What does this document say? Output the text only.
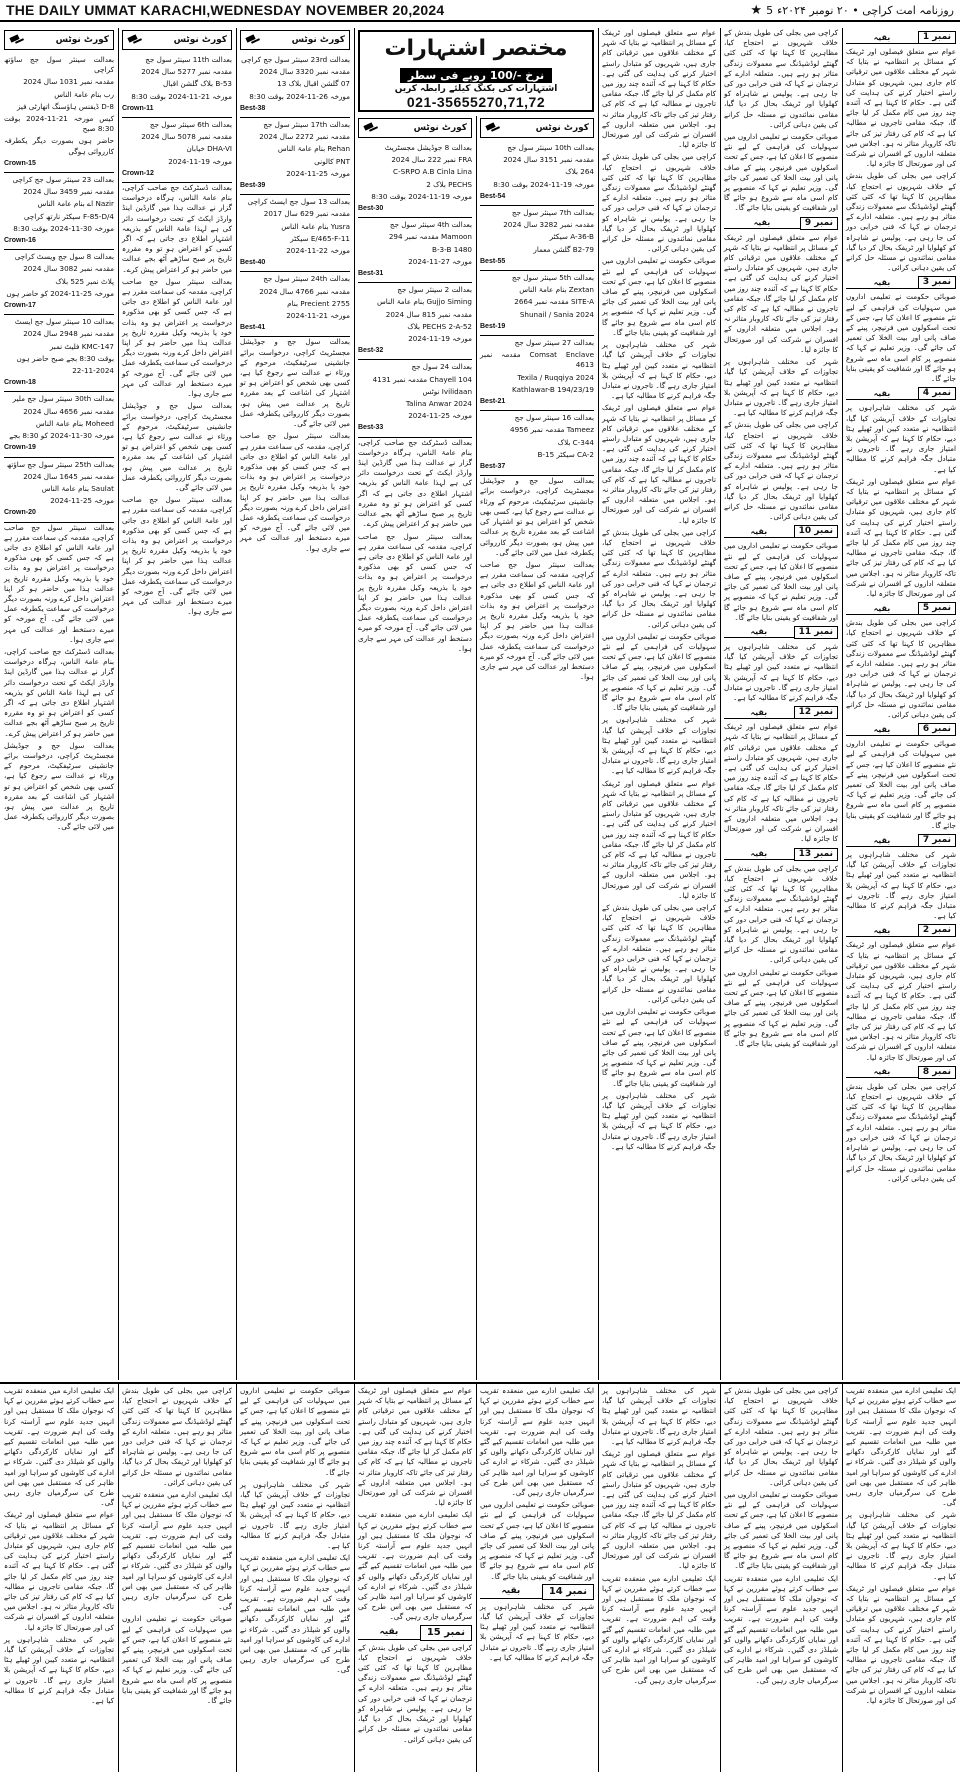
THE DAILY UMMAT KARACHI,WEDNESDAY NOVEMBER 20,2024	روزنامہ امت کراچی • ۲۰ نومبر ۲۰۲۴ء
5
★
کورٹ نوٹس

بعدالت سینئر سول جج ساؤتھ کراچی

مقدمہ نمبر 1031 سال 2024

رب بنام عامۃ الناس

D-8 ڈیفنس ہاؤسنگ اتھارٹی فیز

کیس مورخہ 21-11-2024 بوقت 8:30 صبح

حاضر ہوں بصورت دیگر یکطرفہ کارروائی ہوگی

Crown-15

بعدالت 23 سینئر سول جج کراچی

مقدمہ نمبر 3459 سال 2024

Nazir اے بنام عامۃ الناس

4/F-85-D سیکٹر نارتھ کراچی

مورخہ 30-11-2024 بوقت 8:30

Crown-16

بعدالت 8 سول جج ویسٹ کراچی

مقدمہ نمبر 3082 سال 2024

پلاٹ نمبر 525 بلاک

مورخہ 25-11-2024 کو حاضر ہوں

Crown-17

بعدالت 10 سینئر سول جج ایسٹ

مقدمہ نمبر 2948 سال 2024

KMC-147 فلیٹ نمبر

بوقت 8:30 بجے صبح حاضر ہوں

22-11-2024

Crown-18

بعدالت 30th سینئر سول جج ملیر

مقدمہ نمبر 4656 سال 2024

Moheed بنام عامۃ الناس

مورخہ 30-11-2024 کو 8:30 بجے

Crown-19

بعدالت 25th سینئر سول جج ساؤتھ

مقدمہ نمبر 1645 سال 2024

Saulat بنام عامۃ الناس

مورخہ 25-11-2024

Crown-20

بعدالت سینئر سول جج صاحب کراچی، مقدمہ کی سماعت مقرر ہے اور عامۃ الناس کو اطلاع دی جاتی ہے کہ جس کسی کو بھی مذکورہ درخواست پر اعتراض ہو وہ بذات خود یا بذریعہ وکیل مقررہ تاریخ پر عدالت ہذا میں حاضر ہو کر اپنا اعتراض داخل کرے ورنہ بصورت دیگر درخواست کی سماعت یکطرفہ عمل میں لائی جائے گی۔ آج مورخہ کو میرے دستخط اور عدالت کی مہر سے جاری ہوا۔

بعدالت ڈسٹرکٹ جج صاحب کراچی، بنام عامۃ الناس، ہرگاہ درخواست گزار نے عدالت ہذا میں گارڈین اینڈ وارڈز ایکٹ کے تحت درخواست دائر کی ہے لہذا عامۃ الناس کو بذریعہ اشتہار اطلاع دی جاتی ہے کہ اگر کسی کو اعتراض ہو تو وہ مقررہ تاریخ پر صبح ساڑھے آٹھ بجے عدالت میں حاضر ہو کر اعتراض پیش کرے۔

بعدالت سول جج و جوڈیشل مجسٹریٹ کراچی، درخواست برائے جانشینی سرٹیفکیٹ، مرحوم کے ورثاء نے عدالت سے رجوع کیا ہے، کسی بھی شخص کو اعتراض ہو تو اشتہار کی اشاعت کے بعد مقررہ تاریخ پر عدالت میں پیش ہو، بصورت دیگر کارروائی یکطرفہ عمل میں لائی جائے گی۔

کورٹ نوٹس

بعدالت 11th سینئر سول جج

مقدمہ نمبر 5277 سال 2024

B-53 بلاک گلشن اقبال

مورخہ 21-11-2024 بوقت 8:30

Crown-11

بعدالت 6th سینئر سول جج

مقدمہ نمبر 5078 سال 2024

DHA-VI خیابان

مورخہ 19-11-2024

Crown-12

بعدالت ڈسٹرکٹ جج صاحب کراچی، بنام عامۃ الناس، ہرگاہ درخواست گزار نے عدالت ہذا میں گارڈین اینڈ وارڈز ایکٹ کے تحت درخواست دائر کی ہے لہذا عامۃ الناس کو بذریعہ اشتہار اطلاع دی جاتی ہے کہ اگر کسی کو اعتراض ہو تو وہ مقررہ تاریخ پر صبح ساڑھے آٹھ بجے عدالت میں حاضر ہو کر اعتراض پیش کرے۔

بعدالت سینئر سول جج صاحب کراچی، مقدمہ کی سماعت مقرر ہے اور عامۃ الناس کو اطلاع دی جاتی ہے کہ جس کسی کو بھی مذکورہ درخواست پر اعتراض ہو وہ بذات خود یا بذریعہ وکیل مقررہ تاریخ پر عدالت ہذا میں حاضر ہو کر اپنا اعتراض داخل کرے ورنہ بصورت دیگر درخواست کی سماعت یکطرفہ عمل میں لائی جائے گی۔ آج مورخہ کو میرے دستخط اور عدالت کی مہر سے جاری ہوا۔

بعدالت سول جج و جوڈیشل مجسٹریٹ کراچی، درخواست برائے جانشینی سرٹیفکیٹ، مرحوم کے ورثاء نے عدالت سے رجوع کیا ہے، کسی بھی شخص کو اعتراض ہو تو اشتہار کی اشاعت کے بعد مقررہ تاریخ پر عدالت میں پیش ہو، بصورت دیگر کارروائی یکطرفہ عمل میں لائی جائے گی۔

بعدالت سینئر سول جج صاحب کراچی، مقدمہ کی سماعت مقرر ہے اور عامۃ الناس کو اطلاع دی جاتی ہے کہ جس کسی کو بھی مذکورہ درخواست پر اعتراض ہو وہ بذات خود یا بذریعہ وکیل مقررہ تاریخ پر عدالت ہذا میں حاضر ہو کر اپنا اعتراض داخل کرے ورنہ بصورت دیگر درخواست کی سماعت یکطرفہ عمل میں لائی جائے گی۔ آج مورخہ کو میرے دستخط اور عدالت کی مہر سے جاری ہوا۔

کورٹ نوٹس

بعدالت 23rd سینئر سول جج کراچی

مقدمہ نمبر 3320 سال 2024

07 گلشن اقبال بلاک 13

مورخہ 26-11-2024 بوقت 8:30

Best-38

بعدالت 17th سینئر سول جج

مقدمہ نمبر 2272 سال 2024

Rehan بنام عامۃ الناس

PNT کالونی

مورخہ 25-11-2024

Best-39

بعدالت 13 سول جج ایسٹ کراچی

مقدمہ نمبر 629 سال 2017

Yusra بنام عامۃ الناس

E/465-F-11 سیکٹر

مورخہ 22-11-2024

Best-40

بعدالت 24th سینئر سول جج

مقدمہ نمبر 4766 سال 2024

Precient 2755 بنام

مورخہ 21-11-2024

Best-41

بعدالت سول جج و جوڈیشل مجسٹریٹ کراچی، درخواست برائے جانشینی سرٹیفکیٹ، مرحوم کے ورثاء نے عدالت سے رجوع کیا ہے، کسی بھی شخص کو اعتراض ہو تو اشتہار کی اشاعت کے بعد مقررہ تاریخ پر عدالت میں پیش ہو، بصورت دیگر کارروائی یکطرفہ عمل میں لائی جائے گی۔

بعدالت سینئر سول جج صاحب کراچی، مقدمہ کی سماعت مقرر ہے اور عامۃ الناس کو اطلاع دی جاتی ہے کہ جس کسی کو بھی مذکورہ درخواست پر اعتراض ہو وہ بذات خود یا بذریعہ وکیل مقررہ تاریخ پر عدالت ہذا میں حاضر ہو کر اپنا اعتراض داخل کرے ورنہ بصورت دیگر درخواست کی سماعت یکطرفہ عمل میں لائی جائے گی۔ آج مورخہ کو میرے دستخط اور عدالت کی مہر سے جاری ہوا۔

مختصر اشتہارات
نرخ -/100 روپے فی سطر
اشتہارات کی بکنگ کیلئے رابطہ کریں
021-35655270,71,72
کورٹ نوٹس

بعدالت 8 جوڈیشل مجسٹریٹ

FRA نمبر 222 سال 2024

C-SRPO A.B Cinla Lina

PECHS بلاک 2

مورخہ 19-11-2024 بوقت 8:30

Best-30

بعدالت 4th سینئر سول جج

Mamoon مقدمہ نمبر 294

1480 B-3-B

مورخہ 27-11-2024

Best-31

بعدالت 2 سینئر سول جج

Gujjo Siming بنام عامۃ الناس

مقدمہ نمبر 815 سال 2024

PECHS 2-A-52 بلاک

مورخہ 19-11-2024

Best-32

بعدالت 24 سول جج

Chayell 104 مقدمہ نمبر 4131

Ivilidaan نوٹس

Talina Anwar 2024

مورخہ 25-11-2024

Best-33

بعدالت ڈسٹرکٹ جج صاحب کراچی، بنام عامۃ الناس، ہرگاہ درخواست گزار نے عدالت ہذا میں گارڈین اینڈ وارڈز ایکٹ کے تحت درخواست دائر کی ہے لہذا عامۃ الناس کو بذریعہ اشتہار اطلاع دی جاتی ہے کہ اگر کسی کو اعتراض ہو تو وہ مقررہ تاریخ پر صبح ساڑھے آٹھ بجے عدالت میں حاضر ہو کر اعتراض پیش کرے۔

بعدالت سینئر سول جج صاحب کراچی، مقدمہ کی سماعت مقرر ہے اور عامۃ الناس کو اطلاع دی جاتی ہے کہ جس کسی کو بھی مذکورہ درخواست پر اعتراض ہو وہ بذات خود یا بذریعہ وکیل مقررہ تاریخ پر عدالت ہذا میں حاضر ہو کر اپنا اعتراض داخل کرے ورنہ بصورت دیگر درخواست کی سماعت یکطرفہ عمل میں لائی جائے گی۔ آج مورخہ کو میرے دستخط اور عدالت کی مہر سے جاری ہوا۔

کورٹ نوٹس

بعدالت 10th سینئر سول جج

مقدمہ نمبر 3151 سال 2024

264 بلاک

مورخہ 19-11-2024 بوقت 8:30

Best-54

بعدالت 7th سینئر سول جج

مقدمہ نمبر 3282 سال 2024

A-36-B سیکٹر

B2-79 گلشن معمار

Best-55

بعدالت 5th سینئر سول جج

Zextan بنام عامۃ الناس

SITE-A مقدمہ نمبر 2664

Shunail / Sania 2024

Best-19

بعدالت 27 سینئر سول جج

Comsat Enclave مقدمہ نمبر 4613

Texila / Ruqqiya 2024

Kathlawar-B 194/23/19

Best-21

بعدالت 16 سینئر سول جج

Tameez مقدمہ نمبر 4956

C-344 بلاک

CA-2 سیکٹر 15-B

Best-37

بعدالت سول جج و جوڈیشل مجسٹریٹ کراچی، درخواست برائے جانشینی سرٹیفکیٹ، مرحوم کے ورثاء نے عدالت سے رجوع کیا ہے، کسی بھی شخص کو اعتراض ہو تو اشتہار کی اشاعت کے بعد مقررہ تاریخ پر عدالت میں پیش ہو، بصورت دیگر کارروائی یکطرفہ عمل میں لائی جائے گی۔

بعدالت سینئر سول جج صاحب کراچی، مقدمہ کی سماعت مقرر ہے اور عامۃ الناس کو اطلاع دی جاتی ہے کہ جس کسی کو بھی مذکورہ درخواست پر اعتراض ہو وہ بذات خود یا بذریعہ وکیل مقررہ تاریخ پر عدالت ہذا میں حاضر ہو کر اپنا اعتراض داخل کرے ورنہ بصورت دیگر درخواست کی سماعت یکطرفہ عمل میں لائی جائے گی۔ آج مورخہ کو میرے دستخط اور عدالت کی مہر سے جاری ہوا۔

عوام سے متعلق فیصلوں اور ٹریفک کے مسائل پر انتظامیہ نے بتایا کہ شہر کے مختلف علاقوں میں ترقیاتی کام جاری ہیں، شہریوں کو متبادل راستے اختیار کرنے کی ہدایت کی گئی ہے۔ حکام کا کہنا ہے کہ آئندہ چند روز میں کام مکمل کر لیا جائے گا، جبکہ مقامی تاجروں نے مطالبہ کیا ہے کہ کام کی رفتار تیز کی جائے تاکہ کاروبار متاثر نہ ہو۔ اجلاس میں متعلقہ اداروں کے افسران نے شرکت کی اور صورتحال کا جائزہ لیا۔

کراچی میں بجلی کی طویل بندش کے خلاف شہریوں نے احتجاج کیا، مظاہرین کا کہنا تھا کہ کئی کئی گھنٹے لوڈشیڈنگ سے معمولات زندگی متاثر ہو رہے ہیں۔ متعلقہ ادارے کے ترجمان نے کہا کہ فنی خرابی دور کی جا رہی ہے۔ پولیس نے شاہراہ کو کھلوایا اور ٹریفک بحال کر دیا گیا، مقامی نمائندوں نے مسئلہ حل کرانے کی یقین دہانی کرائی۔

صوبائی حکومت نے تعلیمی اداروں میں سہولیات کی فراہمی کے لیے نئے منصوبے کا اعلان کیا ہے، جس کے تحت اسکولوں میں فرنیچر، پینے کے صاف پانی اور بیت الخلا کی تعمیر کی جائے گی۔ وزیر تعلیم نے کہا کہ منصوبے پر کام اسی ماہ سے شروع ہو جائے گا اور شفافیت کو یقینی بنایا جائے گا۔

شہر کی مختلف شاہراہوں پر تجاوزات کے خلاف آپریشن کیا گیا، انتظامیہ نے متعدد کیبن اور ٹھیلے ہٹا دیے، حکام کا کہنا ہے کہ آپریشن بلا امتیاز جاری رہے گا۔ تاجروں نے متبادل جگہ فراہم کرنے کا مطالبہ کیا ہے۔

عوام سے متعلق فیصلوں اور ٹریفک کے مسائل پر انتظامیہ نے بتایا کہ شہر کے مختلف علاقوں میں ترقیاتی کام جاری ہیں، شہریوں کو متبادل راستے اختیار کرنے کی ہدایت کی گئی ہے۔ حکام کا کہنا ہے کہ آئندہ چند روز میں کام مکمل کر لیا جائے گا، جبکہ مقامی تاجروں نے مطالبہ کیا ہے کہ کام کی رفتار تیز کی جائے تاکہ کاروبار متاثر نہ ہو۔ اجلاس میں متعلقہ اداروں کے افسران نے شرکت کی اور صورتحال کا جائزہ لیا۔

کراچی میں بجلی کی طویل بندش کے خلاف شہریوں نے احتجاج کیا، مظاہرین کا کہنا تھا کہ کئی کئی گھنٹے لوڈشیڈنگ سے معمولات زندگی متاثر ہو رہے ہیں۔ متعلقہ ادارے کے ترجمان نے کہا کہ فنی خرابی دور کی جا رہی ہے۔ پولیس نے شاہراہ کو کھلوایا اور ٹریفک بحال کر دیا گیا، مقامی نمائندوں نے مسئلہ حل کرانے کی یقین دہانی کرائی۔

صوبائی حکومت نے تعلیمی اداروں میں سہولیات کی فراہمی کے لیے نئے منصوبے کا اعلان کیا ہے، جس کے تحت اسکولوں میں فرنیچر، پینے کے صاف پانی اور بیت الخلا کی تعمیر کی جائے گی۔ وزیر تعلیم نے کہا کہ منصوبے پر کام اسی ماہ سے شروع ہو جائے گا اور شفافیت کو یقینی بنایا جائے گا۔

شہر کی مختلف شاہراہوں پر تجاوزات کے خلاف آپریشن کیا گیا، انتظامیہ نے متعدد کیبن اور ٹھیلے ہٹا دیے، حکام کا کہنا ہے کہ آپریشن بلا امتیاز جاری رہے گا۔ تاجروں نے متبادل جگہ فراہم کرنے کا مطالبہ کیا ہے۔

عوام سے متعلق فیصلوں اور ٹریفک کے مسائل پر انتظامیہ نے بتایا کہ شہر کے مختلف علاقوں میں ترقیاتی کام جاری ہیں، شہریوں کو متبادل راستے اختیار کرنے کی ہدایت کی گئی ہے۔ حکام کا کہنا ہے کہ آئندہ چند روز میں کام مکمل کر لیا جائے گا، جبکہ مقامی تاجروں نے مطالبہ کیا ہے کہ کام کی رفتار تیز کی جائے تاکہ کاروبار متاثر نہ ہو۔ اجلاس میں متعلقہ اداروں کے افسران نے شرکت کی اور صورتحال کا جائزہ لیا۔

کراچی میں بجلی کی طویل بندش کے خلاف شہریوں نے احتجاج کیا، مظاہرین کا کہنا تھا کہ کئی کئی گھنٹے لوڈشیڈنگ سے معمولات زندگی متاثر ہو رہے ہیں۔ متعلقہ ادارے کے ترجمان نے کہا کہ فنی خرابی دور کی جا رہی ہے۔ پولیس نے شاہراہ کو کھلوایا اور ٹریفک بحال کر دیا گیا، مقامی نمائندوں نے مسئلہ حل کرانے کی یقین دہانی کرائی۔

صوبائی حکومت نے تعلیمی اداروں میں سہولیات کی فراہمی کے لیے نئے منصوبے کا اعلان کیا ہے، جس کے تحت اسکولوں میں فرنیچر، پینے کے صاف پانی اور بیت الخلا کی تعمیر کی جائے گی۔ وزیر تعلیم نے کہا کہ منصوبے پر کام اسی ماہ سے شروع ہو جائے گا اور شفافیت کو یقینی بنایا جائے گا۔

شہر کی مختلف شاہراہوں پر تجاوزات کے خلاف آپریشن کیا گیا، انتظامیہ نے متعدد کیبن اور ٹھیلے ہٹا دیے، حکام کا کہنا ہے کہ آپریشن بلا امتیاز جاری رہے گا۔ تاجروں نے متبادل جگہ فراہم کرنے کا مطالبہ کیا ہے۔

کراچی میں بجلی کی طویل بندش کے خلاف شہریوں نے احتجاج کیا، مظاہرین کا کہنا تھا کہ کئی کئی گھنٹے لوڈشیڈنگ سے معمولات زندگی متاثر ہو رہے ہیں۔ متعلقہ ادارے کے ترجمان نے کہا کہ فنی خرابی دور کی جا رہی ہے۔ پولیس نے شاہراہ کو کھلوایا اور ٹریفک بحال کر دیا گیا، مقامی نمائندوں نے مسئلہ حل کرانے کی یقین دہانی کرائی۔

صوبائی حکومت نے تعلیمی اداروں میں سہولیات کی فراہمی کے لیے نئے منصوبے کا اعلان کیا ہے، جس کے تحت اسکولوں میں فرنیچر، پینے کے صاف پانی اور بیت الخلا کی تعمیر کی جائے گی۔ وزیر تعلیم نے کہا کہ منصوبے پر کام اسی ماہ سے شروع ہو جائے گا اور شفافیت کو یقینی بنایا جائے گا۔

نمبر 9
بقیہ

عوام سے متعلق فیصلوں اور ٹریفک کے مسائل پر انتظامیہ نے بتایا کہ شہر کے مختلف علاقوں میں ترقیاتی کام جاری ہیں، شہریوں کو متبادل راستے اختیار کرنے کی ہدایت کی گئی ہے۔ حکام کا کہنا ہے کہ آئندہ چند روز میں کام مکمل کر لیا جائے گا، جبکہ مقامی تاجروں نے مطالبہ کیا ہے کہ کام کی رفتار تیز کی جائے تاکہ کاروبار متاثر نہ ہو۔ اجلاس میں متعلقہ اداروں کے افسران نے شرکت کی اور صورتحال کا جائزہ لیا۔

شہر کی مختلف شاہراہوں پر تجاوزات کے خلاف آپریشن کیا گیا، انتظامیہ نے متعدد کیبن اور ٹھیلے ہٹا دیے، حکام کا کہنا ہے کہ آپریشن بلا امتیاز جاری رہے گا۔ تاجروں نے متبادل جگہ فراہم کرنے کا مطالبہ کیا ہے۔

کراچی میں بجلی کی طویل بندش کے خلاف شہریوں نے احتجاج کیا، مظاہرین کا کہنا تھا کہ کئی کئی گھنٹے لوڈشیڈنگ سے معمولات زندگی متاثر ہو رہے ہیں۔ متعلقہ ادارے کے ترجمان نے کہا کہ فنی خرابی دور کی جا رہی ہے۔ پولیس نے شاہراہ کو کھلوایا اور ٹریفک بحال کر دیا گیا، مقامی نمائندوں نے مسئلہ حل کرانے کی یقین دہانی کرائی۔

نمبر 10
بقیہ

صوبائی حکومت نے تعلیمی اداروں میں سہولیات کی فراہمی کے لیے نئے منصوبے کا اعلان کیا ہے، جس کے تحت اسکولوں میں فرنیچر، پینے کے صاف پانی اور بیت الخلا کی تعمیر کی جائے گی۔ وزیر تعلیم نے کہا کہ منصوبے پر کام اسی ماہ سے شروع ہو جائے گا اور شفافیت کو یقینی بنایا جائے گا۔

نمبر 11
بقیہ

شہر کی مختلف شاہراہوں پر تجاوزات کے خلاف آپریشن کیا گیا، انتظامیہ نے متعدد کیبن اور ٹھیلے ہٹا دیے، حکام کا کہنا ہے کہ آپریشن بلا امتیاز جاری رہے گا۔ تاجروں نے متبادل جگہ فراہم کرنے کا مطالبہ کیا ہے۔

نمبر 12
بقیہ

عوام سے متعلق فیصلوں اور ٹریفک کے مسائل پر انتظامیہ نے بتایا کہ شہر کے مختلف علاقوں میں ترقیاتی کام جاری ہیں، شہریوں کو متبادل راستے اختیار کرنے کی ہدایت کی گئی ہے۔ حکام کا کہنا ہے کہ آئندہ چند روز میں کام مکمل کر لیا جائے گا، جبکہ مقامی تاجروں نے مطالبہ کیا ہے کہ کام کی رفتار تیز کی جائے تاکہ کاروبار متاثر نہ ہو۔ اجلاس میں متعلقہ اداروں کے افسران نے شرکت کی اور صورتحال کا جائزہ لیا۔

نمبر 13
بقیہ

کراچی میں بجلی کی طویل بندش کے خلاف شہریوں نے احتجاج کیا، مظاہرین کا کہنا تھا کہ کئی کئی گھنٹے لوڈشیڈنگ سے معمولات زندگی متاثر ہو رہے ہیں۔ متعلقہ ادارے کے ترجمان نے کہا کہ فنی خرابی دور کی جا رہی ہے۔ پولیس نے شاہراہ کو کھلوایا اور ٹریفک بحال کر دیا گیا، مقامی نمائندوں نے مسئلہ حل کرانے کی یقین دہانی کرائی۔

صوبائی حکومت نے تعلیمی اداروں میں سہولیات کی فراہمی کے لیے نئے منصوبے کا اعلان کیا ہے، جس کے تحت اسکولوں میں فرنیچر، پینے کے صاف پانی اور بیت الخلا کی تعمیر کی جائے گی۔ وزیر تعلیم نے کہا کہ منصوبے پر کام اسی ماہ سے شروع ہو جائے گا اور شفافیت کو یقینی بنایا جائے گا۔

نمبر 1
بقیہ

عوام سے متعلق فیصلوں اور ٹریفک کے مسائل پر انتظامیہ نے بتایا کہ شہر کے مختلف علاقوں میں ترقیاتی کام جاری ہیں، شہریوں کو متبادل راستے اختیار کرنے کی ہدایت کی گئی ہے۔ حکام کا کہنا ہے کہ آئندہ چند روز میں کام مکمل کر لیا جائے گا، جبکہ مقامی تاجروں نے مطالبہ کیا ہے کہ کام کی رفتار تیز کی جائے تاکہ کاروبار متاثر نہ ہو۔ اجلاس میں متعلقہ اداروں کے افسران نے شرکت کی اور صورتحال کا جائزہ لیا۔

کراچی میں بجلی کی طویل بندش کے خلاف شہریوں نے احتجاج کیا، مظاہرین کا کہنا تھا کہ کئی کئی گھنٹے لوڈشیڈنگ سے معمولات زندگی متاثر ہو رہے ہیں۔ متعلقہ ادارے کے ترجمان نے کہا کہ فنی خرابی دور کی جا رہی ہے۔ پولیس نے شاہراہ کو کھلوایا اور ٹریفک بحال کر دیا گیا، مقامی نمائندوں نے مسئلہ حل کرانے کی یقین دہانی کرائی۔

نمبر 3
بقیہ

صوبائی حکومت نے تعلیمی اداروں میں سہولیات کی فراہمی کے لیے نئے منصوبے کا اعلان کیا ہے، جس کے تحت اسکولوں میں فرنیچر، پینے کے صاف پانی اور بیت الخلا کی تعمیر کی جائے گی۔ وزیر تعلیم نے کہا کہ منصوبے پر کام اسی ماہ سے شروع ہو جائے گا اور شفافیت کو یقینی بنایا جائے گا۔

نمبر 4
بقیہ

شہر کی مختلف شاہراہوں پر تجاوزات کے خلاف آپریشن کیا گیا، انتظامیہ نے متعدد کیبن اور ٹھیلے ہٹا دیے، حکام کا کہنا ہے کہ آپریشن بلا امتیاز جاری رہے گا۔ تاجروں نے متبادل جگہ فراہم کرنے کا مطالبہ کیا ہے۔

عوام سے متعلق فیصلوں اور ٹریفک کے مسائل پر انتظامیہ نے بتایا کہ شہر کے مختلف علاقوں میں ترقیاتی کام جاری ہیں، شہریوں کو متبادل راستے اختیار کرنے کی ہدایت کی گئی ہے۔ حکام کا کہنا ہے کہ آئندہ چند روز میں کام مکمل کر لیا جائے گا، جبکہ مقامی تاجروں نے مطالبہ کیا ہے کہ کام کی رفتار تیز کی جائے تاکہ کاروبار متاثر نہ ہو۔ اجلاس میں متعلقہ اداروں کے افسران نے شرکت کی اور صورتحال کا جائزہ لیا۔

نمبر 5
بقیہ

کراچی میں بجلی کی طویل بندش کے خلاف شہریوں نے احتجاج کیا، مظاہرین کا کہنا تھا کہ کئی کئی گھنٹے لوڈشیڈنگ سے معمولات زندگی متاثر ہو رہے ہیں۔ متعلقہ ادارے کے ترجمان نے کہا کہ فنی خرابی دور کی جا رہی ہے۔ پولیس نے شاہراہ کو کھلوایا اور ٹریفک بحال کر دیا گیا، مقامی نمائندوں نے مسئلہ حل کرانے کی یقین دہانی کرائی۔

نمبر 6
بقیہ

صوبائی حکومت نے تعلیمی اداروں میں سہولیات کی فراہمی کے لیے نئے منصوبے کا اعلان کیا ہے، جس کے تحت اسکولوں میں فرنیچر، پینے کے صاف پانی اور بیت الخلا کی تعمیر کی جائے گی۔ وزیر تعلیم نے کہا کہ منصوبے پر کام اسی ماہ سے شروع ہو جائے گا اور شفافیت کو یقینی بنایا جائے گا۔

نمبر 7
بقیہ

شہر کی مختلف شاہراہوں پر تجاوزات کے خلاف آپریشن کیا گیا، انتظامیہ نے متعدد کیبن اور ٹھیلے ہٹا دیے، حکام کا کہنا ہے کہ آپریشن بلا امتیاز جاری رہے گا۔ تاجروں نے متبادل جگہ فراہم کرنے کا مطالبہ کیا ہے۔

نمبر 2
بقیہ

عوام سے متعلق فیصلوں اور ٹریفک کے مسائل پر انتظامیہ نے بتایا کہ شہر کے مختلف علاقوں میں ترقیاتی کام جاری ہیں، شہریوں کو متبادل راستے اختیار کرنے کی ہدایت کی گئی ہے۔ حکام کا کہنا ہے کہ آئندہ چند روز میں کام مکمل کر لیا جائے گا، جبکہ مقامی تاجروں نے مطالبہ کیا ہے کہ کام کی رفتار تیز کی جائے تاکہ کاروبار متاثر نہ ہو۔ اجلاس میں متعلقہ اداروں کے افسران نے شرکت کی اور صورتحال کا جائزہ لیا۔

نمبر 8
بقیہ

کراچی میں بجلی کی طویل بندش کے خلاف شہریوں نے احتجاج کیا، مظاہرین کا کہنا تھا کہ کئی کئی گھنٹے لوڈشیڈنگ سے معمولات زندگی متاثر ہو رہے ہیں۔ متعلقہ ادارے کے ترجمان نے کہا کہ فنی خرابی دور کی جا رہی ہے۔ پولیس نے شاہراہ کو کھلوایا اور ٹریفک بحال کر دیا گیا، مقامی نمائندوں نے مسئلہ حل کرانے کی یقین دہانی کرائی۔

ایک تعلیمی ادارے میں منعقدہ تقریب سے خطاب کرتے ہوئے مقررین نے کہا کہ نوجوان ملک کا مستقبل ہیں اور انہیں جدید علوم سے آراستہ کرنا وقت کی اہم ضرورت ہے۔ تقریب میں طلبہ میں انعامات تقسیم کیے گئے اور نمایاں کارکردگی دکھانے والوں کو شیلڈز دی گئیں۔ شرکاء نے ادارے کی کاوشوں کو سراہا اور امید ظاہر کی کہ مستقبل میں بھی اس طرح کی سرگرمیاں جاری رہیں گی۔

عوام سے متعلق فیصلوں اور ٹریفک کے مسائل پر انتظامیہ نے بتایا کہ شہر کے مختلف علاقوں میں ترقیاتی کام جاری ہیں، شہریوں کو متبادل راستے اختیار کرنے کی ہدایت کی گئی ہے۔ حکام کا کہنا ہے کہ آئندہ چند روز میں کام مکمل کر لیا جائے گا، جبکہ مقامی تاجروں نے مطالبہ کیا ہے کہ کام کی رفتار تیز کی جائے تاکہ کاروبار متاثر نہ ہو۔ اجلاس میں متعلقہ اداروں کے افسران نے شرکت کی اور صورتحال کا جائزہ لیا۔

شہر کی مختلف شاہراہوں پر تجاوزات کے خلاف آپریشن کیا گیا، انتظامیہ نے متعدد کیبن اور ٹھیلے ہٹا دیے، حکام کا کہنا ہے کہ آپریشن بلا امتیاز جاری رہے گا۔ تاجروں نے متبادل جگہ فراہم کرنے کا مطالبہ کیا ہے۔

کراچی میں بجلی کی طویل بندش کے خلاف شہریوں نے احتجاج کیا، مظاہرین کا کہنا تھا کہ کئی کئی گھنٹے لوڈشیڈنگ سے معمولات زندگی متاثر ہو رہے ہیں۔ متعلقہ ادارے کے ترجمان نے کہا کہ فنی خرابی دور کی جا رہی ہے۔ پولیس نے شاہراہ کو کھلوایا اور ٹریفک بحال کر دیا گیا، مقامی نمائندوں نے مسئلہ حل کرانے کی یقین دہانی کرائی۔

ایک تعلیمی ادارے میں منعقدہ تقریب سے خطاب کرتے ہوئے مقررین نے کہا کہ نوجوان ملک کا مستقبل ہیں اور انہیں جدید علوم سے آراستہ کرنا وقت کی اہم ضرورت ہے۔ تقریب میں طلبہ میں انعامات تقسیم کیے گئے اور نمایاں کارکردگی دکھانے والوں کو شیلڈز دی گئیں۔ شرکاء نے ادارے کی کاوشوں کو سراہا اور امید ظاہر کی کہ مستقبل میں بھی اس طرح کی سرگرمیاں جاری رہیں گی۔

صوبائی حکومت نے تعلیمی اداروں میں سہولیات کی فراہمی کے لیے نئے منصوبے کا اعلان کیا ہے، جس کے تحت اسکولوں میں فرنیچر، پینے کے صاف پانی اور بیت الخلا کی تعمیر کی جائے گی۔ وزیر تعلیم نے کہا کہ منصوبے پر کام اسی ماہ سے شروع ہو جائے گا اور شفافیت کو یقینی بنایا جائے گا۔

صوبائی حکومت نے تعلیمی اداروں میں سہولیات کی فراہمی کے لیے نئے منصوبے کا اعلان کیا ہے، جس کے تحت اسکولوں میں فرنیچر، پینے کے صاف پانی اور بیت الخلا کی تعمیر کی جائے گی۔ وزیر تعلیم نے کہا کہ منصوبے پر کام اسی ماہ سے شروع ہو جائے گا اور شفافیت کو یقینی بنایا جائے گا۔

شہر کی مختلف شاہراہوں پر تجاوزات کے خلاف آپریشن کیا گیا، انتظامیہ نے متعدد کیبن اور ٹھیلے ہٹا دیے، حکام کا کہنا ہے کہ آپریشن بلا امتیاز جاری رہے گا۔ تاجروں نے متبادل جگہ فراہم کرنے کا مطالبہ کیا ہے۔

ایک تعلیمی ادارے میں منعقدہ تقریب سے خطاب کرتے ہوئے مقررین نے کہا کہ نوجوان ملک کا مستقبل ہیں اور انہیں جدید علوم سے آراستہ کرنا وقت کی اہم ضرورت ہے۔ تقریب میں طلبہ میں انعامات تقسیم کیے گئے اور نمایاں کارکردگی دکھانے والوں کو شیلڈز دی گئیں۔ شرکاء نے ادارے کی کاوشوں کو سراہا اور امید ظاہر کی کہ مستقبل میں بھی اس طرح کی سرگرمیاں جاری رہیں گی۔

عوام سے متعلق فیصلوں اور ٹریفک کے مسائل پر انتظامیہ نے بتایا کہ شہر کے مختلف علاقوں میں ترقیاتی کام جاری ہیں، شہریوں کو متبادل راستے اختیار کرنے کی ہدایت کی گئی ہے۔ حکام کا کہنا ہے کہ آئندہ چند روز میں کام مکمل کر لیا جائے گا، جبکہ مقامی تاجروں نے مطالبہ کیا ہے کہ کام کی رفتار تیز کی جائے تاکہ کاروبار متاثر نہ ہو۔ اجلاس میں متعلقہ اداروں کے افسران نے شرکت کی اور صورتحال کا جائزہ لیا۔

ایک تعلیمی ادارے میں منعقدہ تقریب سے خطاب کرتے ہوئے مقررین نے کہا کہ نوجوان ملک کا مستقبل ہیں اور انہیں جدید علوم سے آراستہ کرنا وقت کی اہم ضرورت ہے۔ تقریب میں طلبہ میں انعامات تقسیم کیے گئے اور نمایاں کارکردگی دکھانے والوں کو شیلڈز دی گئیں۔ شرکاء نے ادارے کی کاوشوں کو سراہا اور امید ظاہر کی کہ مستقبل میں بھی اس طرح کی سرگرمیاں جاری رہیں گی۔

نمبر 15
بقیہ

کراچی میں بجلی کی طویل بندش کے خلاف شہریوں نے احتجاج کیا، مظاہرین کا کہنا تھا کہ کئی کئی گھنٹے لوڈشیڈنگ سے معمولات زندگی متاثر ہو رہے ہیں۔ متعلقہ ادارے کے ترجمان نے کہا کہ فنی خرابی دور کی جا رہی ہے۔ پولیس نے شاہراہ کو کھلوایا اور ٹریفک بحال کر دیا گیا، مقامی نمائندوں نے مسئلہ حل کرانے کی یقین دہانی کرائی۔

ایک تعلیمی ادارے میں منعقدہ تقریب سے خطاب کرتے ہوئے مقررین نے کہا کہ نوجوان ملک کا مستقبل ہیں اور انہیں جدید علوم سے آراستہ کرنا وقت کی اہم ضرورت ہے۔ تقریب میں طلبہ میں انعامات تقسیم کیے گئے اور نمایاں کارکردگی دکھانے والوں کو شیلڈز دی گئیں۔ شرکاء نے ادارے کی کاوشوں کو سراہا اور امید ظاہر کی کہ مستقبل میں بھی اس طرح کی سرگرمیاں جاری رہیں گی۔

صوبائی حکومت نے تعلیمی اداروں میں سہولیات کی فراہمی کے لیے نئے منصوبے کا اعلان کیا ہے، جس کے تحت اسکولوں میں فرنیچر، پینے کے صاف پانی اور بیت الخلا کی تعمیر کی جائے گی۔ وزیر تعلیم نے کہا کہ منصوبے پر کام اسی ماہ سے شروع ہو جائے گا اور شفافیت کو یقینی بنایا جائے گا۔

نمبر 14
بقیہ

شہر کی مختلف شاہراہوں پر تجاوزات کے خلاف آپریشن کیا گیا، انتظامیہ نے متعدد کیبن اور ٹھیلے ہٹا دیے، حکام کا کہنا ہے کہ آپریشن بلا امتیاز جاری رہے گا۔ تاجروں نے متبادل جگہ فراہم کرنے کا مطالبہ کیا ہے۔

شہر کی مختلف شاہراہوں پر تجاوزات کے خلاف آپریشن کیا گیا، انتظامیہ نے متعدد کیبن اور ٹھیلے ہٹا دیے، حکام کا کہنا ہے کہ آپریشن بلا امتیاز جاری رہے گا۔ تاجروں نے متبادل جگہ فراہم کرنے کا مطالبہ کیا ہے۔

عوام سے متعلق فیصلوں اور ٹریفک کے مسائل پر انتظامیہ نے بتایا کہ شہر کے مختلف علاقوں میں ترقیاتی کام جاری ہیں، شہریوں کو متبادل راستے اختیار کرنے کی ہدایت کی گئی ہے۔ حکام کا کہنا ہے کہ آئندہ چند روز میں کام مکمل کر لیا جائے گا، جبکہ مقامی تاجروں نے مطالبہ کیا ہے کہ کام کی رفتار تیز کی جائے تاکہ کاروبار متاثر نہ ہو۔ اجلاس میں متعلقہ اداروں کے افسران نے شرکت کی اور صورتحال کا جائزہ لیا۔

ایک تعلیمی ادارے میں منعقدہ تقریب سے خطاب کرتے ہوئے مقررین نے کہا کہ نوجوان ملک کا مستقبل ہیں اور انہیں جدید علوم سے آراستہ کرنا وقت کی اہم ضرورت ہے۔ تقریب میں طلبہ میں انعامات تقسیم کیے گئے اور نمایاں کارکردگی دکھانے والوں کو شیلڈز دی گئیں۔ شرکاء نے ادارے کی کاوشوں کو سراہا اور امید ظاہر کی کہ مستقبل میں بھی اس طرح کی سرگرمیاں جاری رہیں گی۔

کراچی میں بجلی کی طویل بندش کے خلاف شہریوں نے احتجاج کیا، مظاہرین کا کہنا تھا کہ کئی کئی گھنٹے لوڈشیڈنگ سے معمولات زندگی متاثر ہو رہے ہیں۔ متعلقہ ادارے کے ترجمان نے کہا کہ فنی خرابی دور کی جا رہی ہے۔ پولیس نے شاہراہ کو کھلوایا اور ٹریفک بحال کر دیا گیا، مقامی نمائندوں نے مسئلہ حل کرانے کی یقین دہانی کرائی۔

صوبائی حکومت نے تعلیمی اداروں میں سہولیات کی فراہمی کے لیے نئے منصوبے کا اعلان کیا ہے، جس کے تحت اسکولوں میں فرنیچر، پینے کے صاف پانی اور بیت الخلا کی تعمیر کی جائے گی۔ وزیر تعلیم نے کہا کہ منصوبے پر کام اسی ماہ سے شروع ہو جائے گا اور شفافیت کو یقینی بنایا جائے گا۔

ایک تعلیمی ادارے میں منعقدہ تقریب سے خطاب کرتے ہوئے مقررین نے کہا کہ نوجوان ملک کا مستقبل ہیں اور انہیں جدید علوم سے آراستہ کرنا وقت کی اہم ضرورت ہے۔ تقریب میں طلبہ میں انعامات تقسیم کیے گئے اور نمایاں کارکردگی دکھانے والوں کو شیلڈز دی گئیں۔ شرکاء نے ادارے کی کاوشوں کو سراہا اور امید ظاہر کی کہ مستقبل میں بھی اس طرح کی سرگرمیاں جاری رہیں گی۔

ایک تعلیمی ادارے میں منعقدہ تقریب سے خطاب کرتے ہوئے مقررین نے کہا کہ نوجوان ملک کا مستقبل ہیں اور انہیں جدید علوم سے آراستہ کرنا وقت کی اہم ضرورت ہے۔ تقریب میں طلبہ میں انعامات تقسیم کیے گئے اور نمایاں کارکردگی دکھانے والوں کو شیلڈز دی گئیں۔ شرکاء نے ادارے کی کاوشوں کو سراہا اور امید ظاہر کی کہ مستقبل میں بھی اس طرح کی سرگرمیاں جاری رہیں گی۔

شہر کی مختلف شاہراہوں پر تجاوزات کے خلاف آپریشن کیا گیا، انتظامیہ نے متعدد کیبن اور ٹھیلے ہٹا دیے، حکام کا کہنا ہے کہ آپریشن بلا امتیاز جاری رہے گا۔ تاجروں نے متبادل جگہ فراہم کرنے کا مطالبہ کیا ہے۔

عوام سے متعلق فیصلوں اور ٹریفک کے مسائل پر انتظامیہ نے بتایا کہ شہر کے مختلف علاقوں میں ترقیاتی کام جاری ہیں، شہریوں کو متبادل راستے اختیار کرنے کی ہدایت کی گئی ہے۔ حکام کا کہنا ہے کہ آئندہ چند روز میں کام مکمل کر لیا جائے گا، جبکہ مقامی تاجروں نے مطالبہ کیا ہے کہ کام کی رفتار تیز کی جائے تاکہ کاروبار متاثر نہ ہو۔ اجلاس میں متعلقہ اداروں کے افسران نے شرکت کی اور صورتحال کا جائزہ لیا۔
